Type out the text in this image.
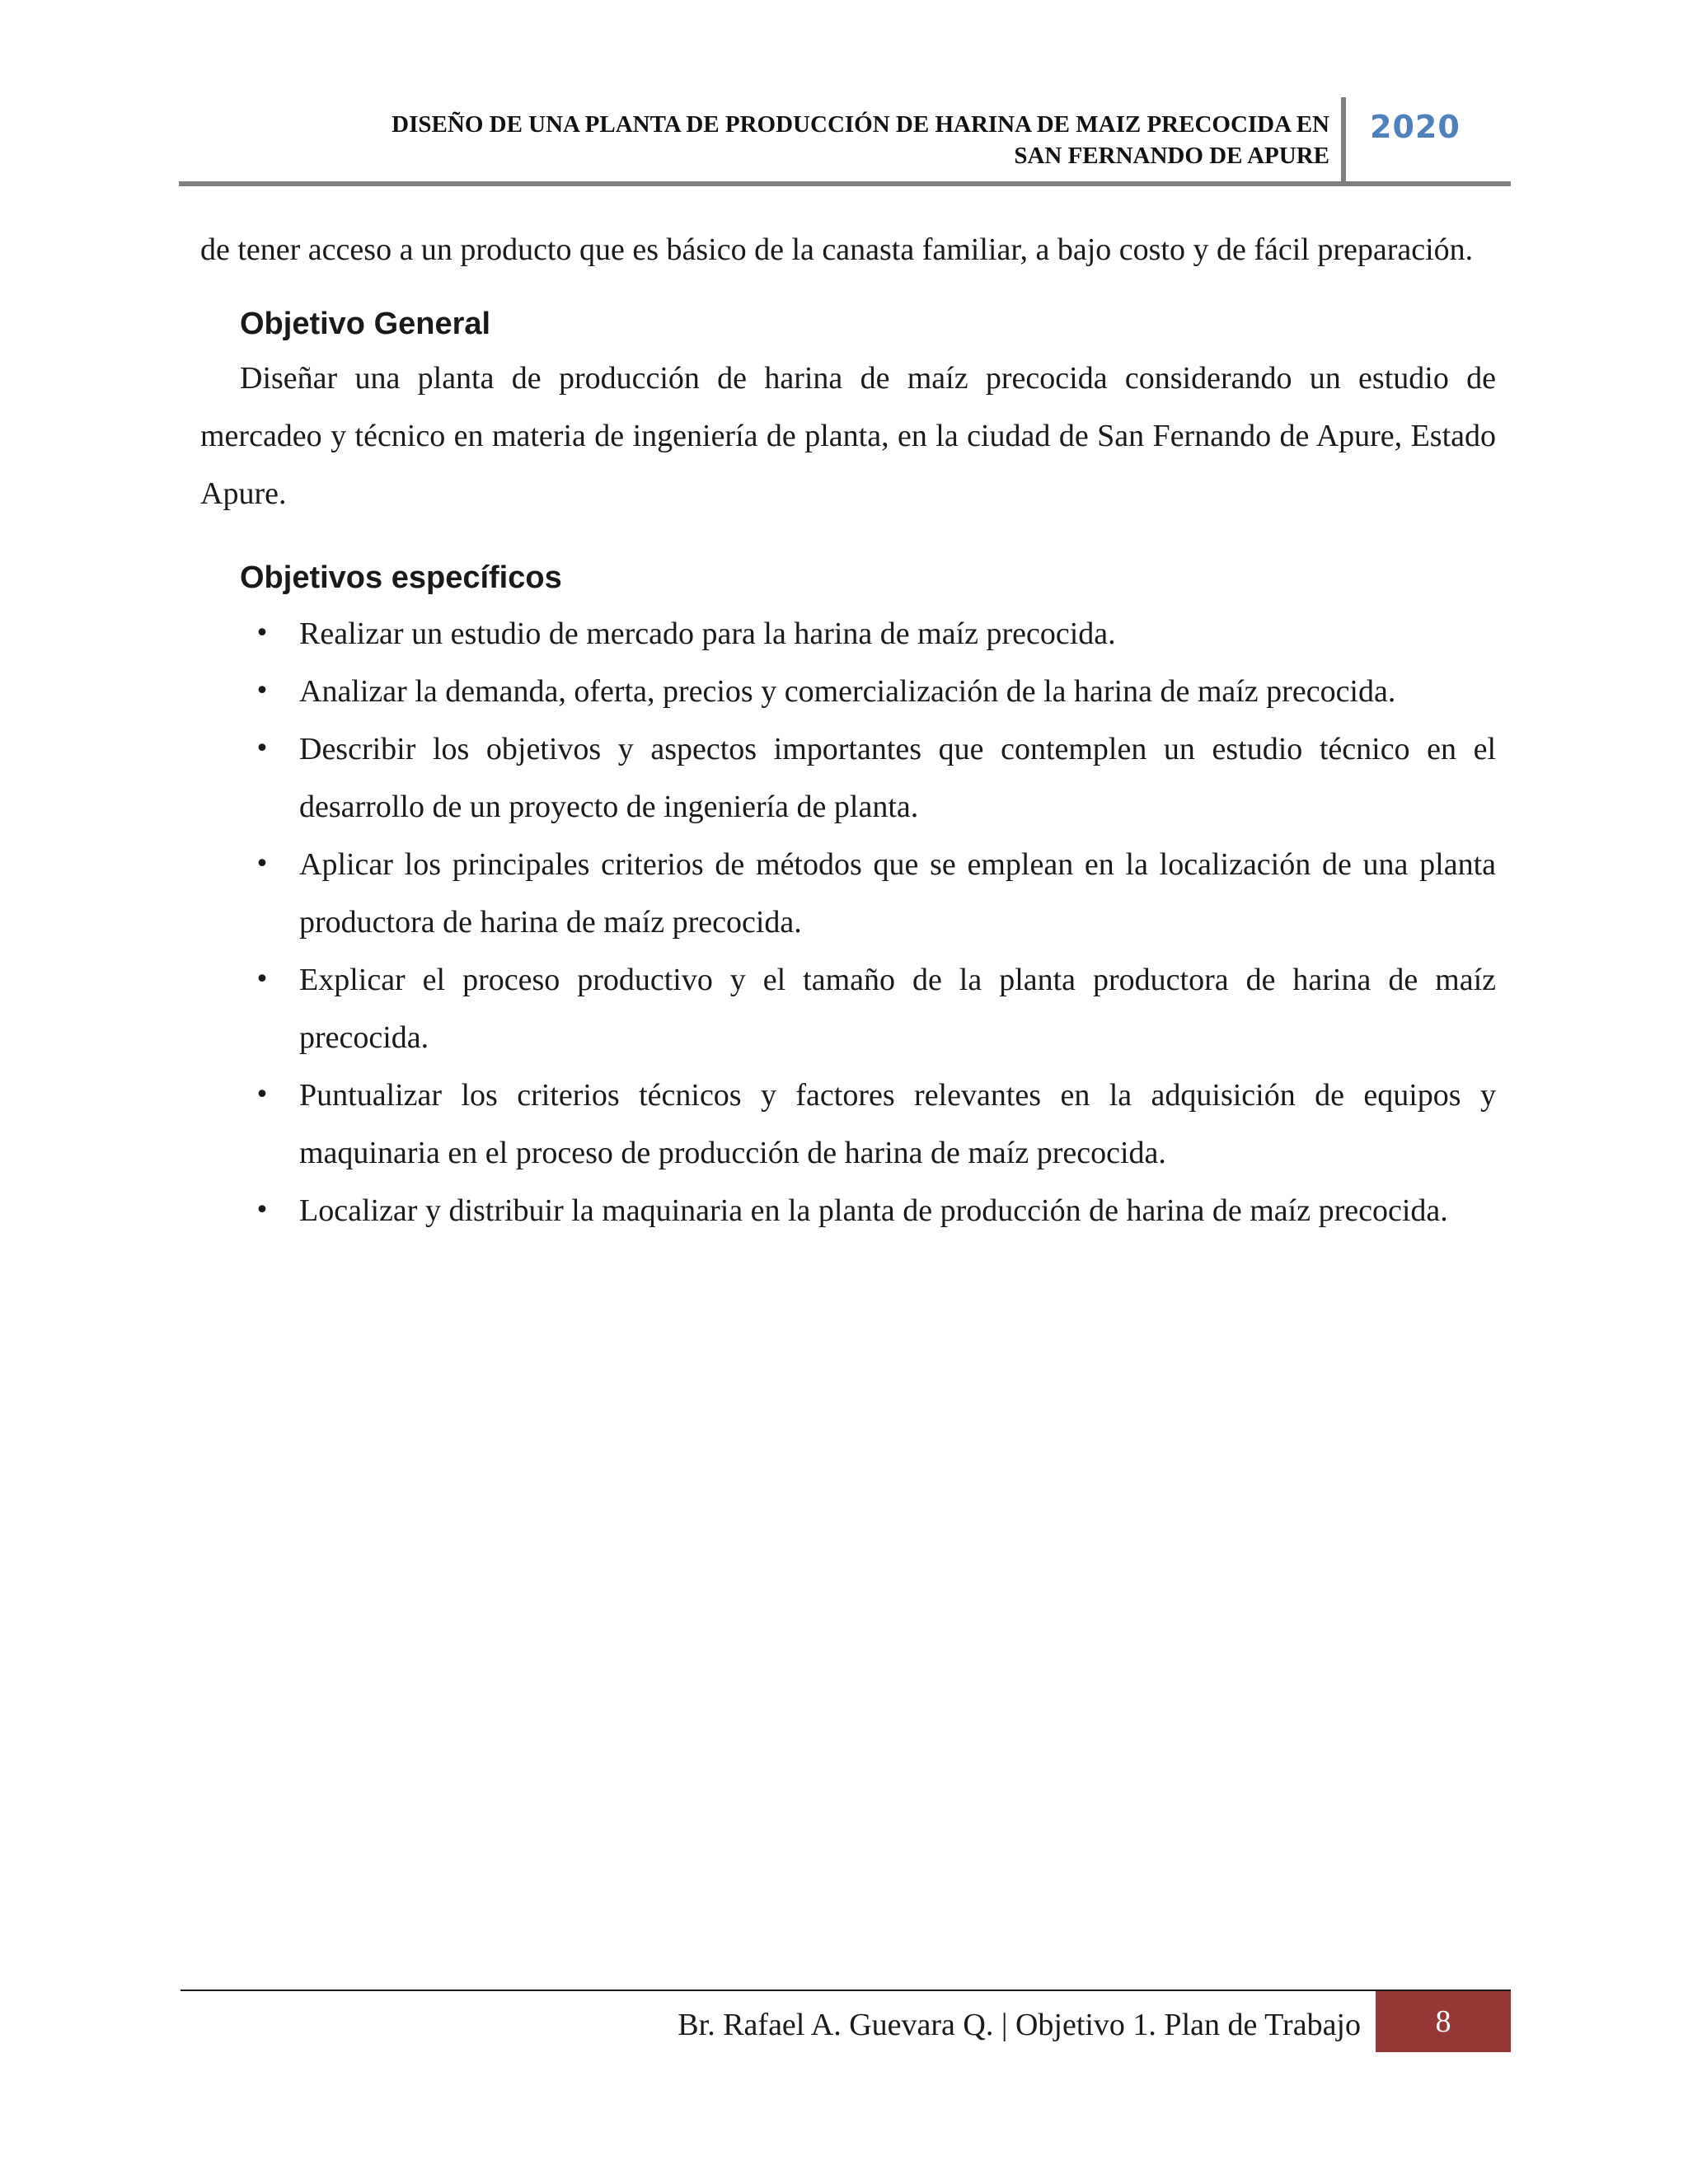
DISEÑO DE UNA PLANTA DE PRODUCCIÓN DE HARINA DE MAIZ PRECOCIDA EN
SAN FERNANDO DE APURE
2020

de tener acceso a un producto que es básico de la canasta familiar, a bajo costo y de fácil preparación.

Objetivo General

Diseñar una planta de producción de harina de maíz precocida considerando un estudio de mercadeo y técnico en materia de ingeniería de planta, en la ciudad de San Fernando de Apure, Estado Apure.

Objetivos específicos
• Realizar un estudio de mercado para la harina de maíz precocida.
• Analizar la demanda, oferta, precios y comercialización de la harina de maíz precocida.
• Describir los objetivos y aspectos importantes que contemplen un estudio técnico en el desarrollo de un proyecto de ingeniería de planta.
• Aplicar los principales criterios de métodos que se emplean en la localización de una planta productora de harina de maíz precocida.
• Explicar el proceso productivo y el tamaño de la planta productora de harina de maíz precocida.
• Puntualizar los criterios técnicos y factores relevantes en la adquisición de equipos y maquinaria en el proceso de producción de harina de maíz precocida.
• Localizar y distribuir la maquinaria en la planta de producción de harina de maíz precocida.
Br. Rafael A. Guevara Q. | Objetivo 1. Plan de Trabajo	8
